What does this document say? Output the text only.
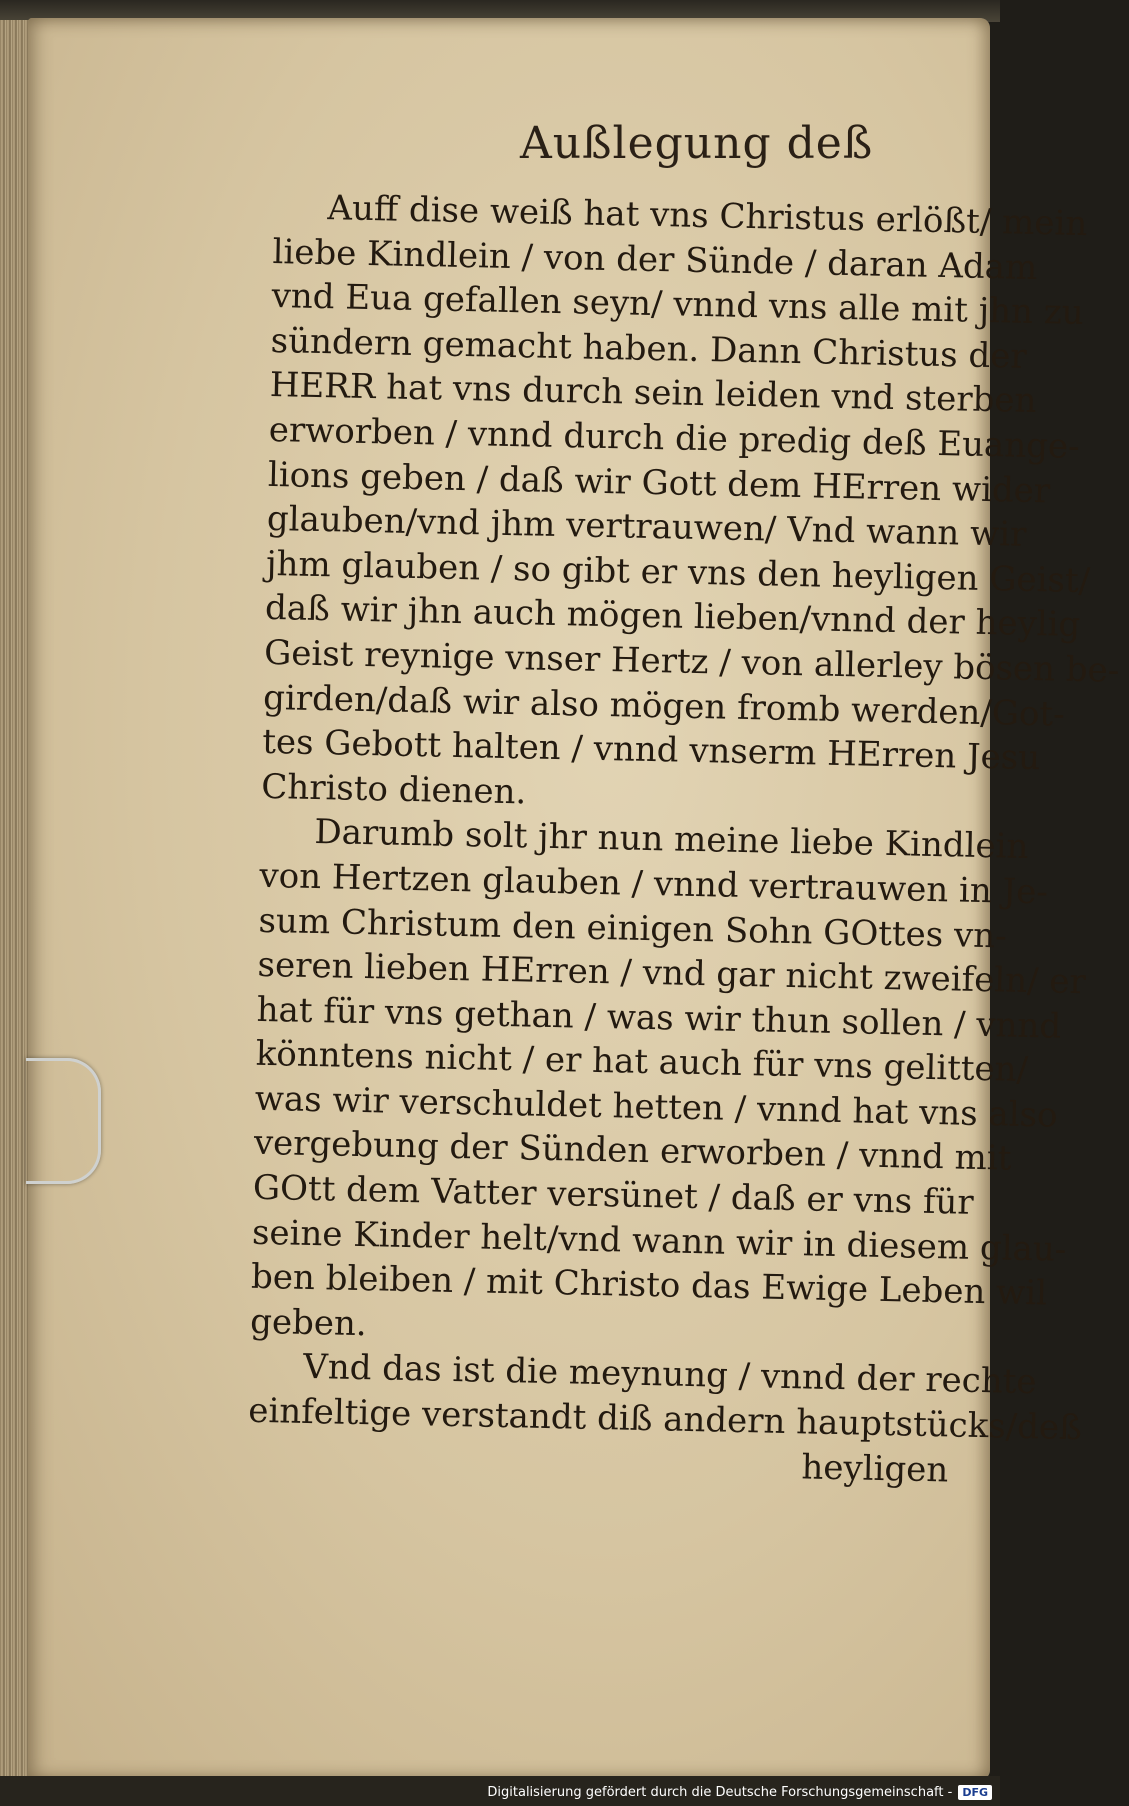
Außlegung deß
Auff dise weiß hat vns Christus erlößt/ mein
liebe Kindlein / von der Sünde / daran Adam
vnd Eua gefallen seyn/ vnnd vns alle mit jhn zu
sündern gemacht haben. Dann Christus der
HERR hat vns durch sein leiden vnd sterben
erworben / vnnd durch die predig deß Euange-
lions geben / daß wir Gott dem HErren wider
glauben/vnd jhm vertrauwen/ Vnd wann wir
jhm glauben / so gibt er vns den heyligen Geist/
daß wir jhn auch mögen lieben/vnnd der heylig
Geist reynige vnser Hertz / von allerley bösen be-
girden/daß wir also mögen fromb werden/Got-
tes Gebott halten / vnnd vnserm HErren Jesu
Christo dienen.
Darumb solt jhr nun meine liebe Kindlein
von Hertzen glauben / vnnd vertrauwen in Je-
sum Christum den einigen Sohn GOttes vn-
seren lieben HErren / vnd gar nicht zweifeln/ er
hat für vns gethan / was wir thun sollen / vnnd
könntens nicht / er hat auch für vns gelitten/
was wir verschuldet hetten / vnnd hat vns also
vergebung der Sünden erworben / vnnd mit
GOtt dem Vatter versünet / daß er vns für
seine Kinder helt/vnd wann wir in diesem glau-
ben bleiben / mit Christo das Ewige Leben wil
geben.
Vnd das ist die meynung / vnnd der rechte
einfeltige verstandt diß andern hauptstücks/deß
heyligen
Digitalisierung gefördert durch die Deutsche Forschungsgemeinschaft - DFG
